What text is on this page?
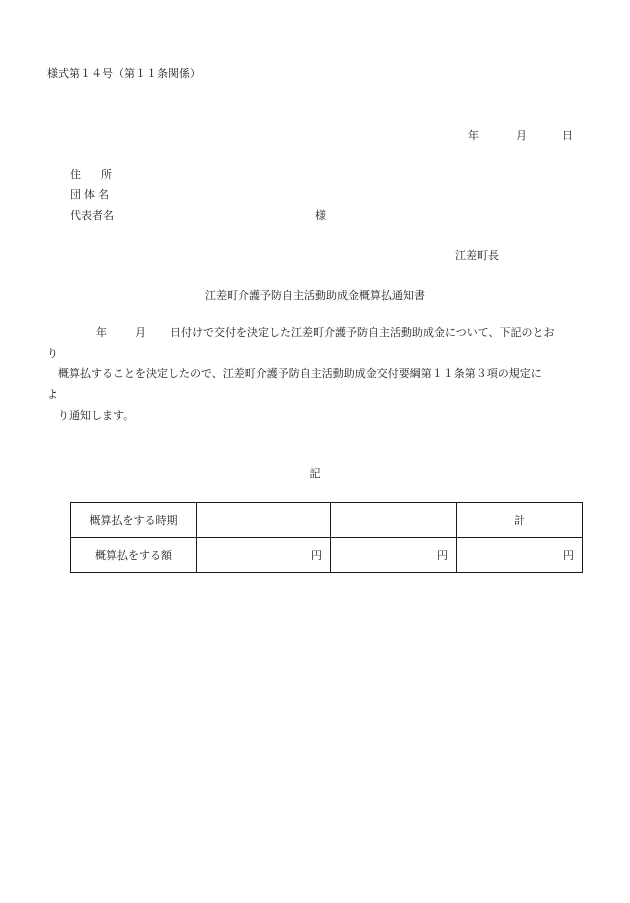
様式第１４号（第１１条関係）
年	月	日
住所
団体名
代表者名	様
江差町長
江差町介護予防自主活動助成金概算払通知書
年	月 日付けで交付を決定した江差町介護予防自主活動助成金について、下記のとお
り
概算払することを決定したので、江差町介護予防自主活動助成金交付要綱第１１条第３項の規定に
よ
り通知します。
記
概算払をする時期			計
概算払をする額	円	円	円
